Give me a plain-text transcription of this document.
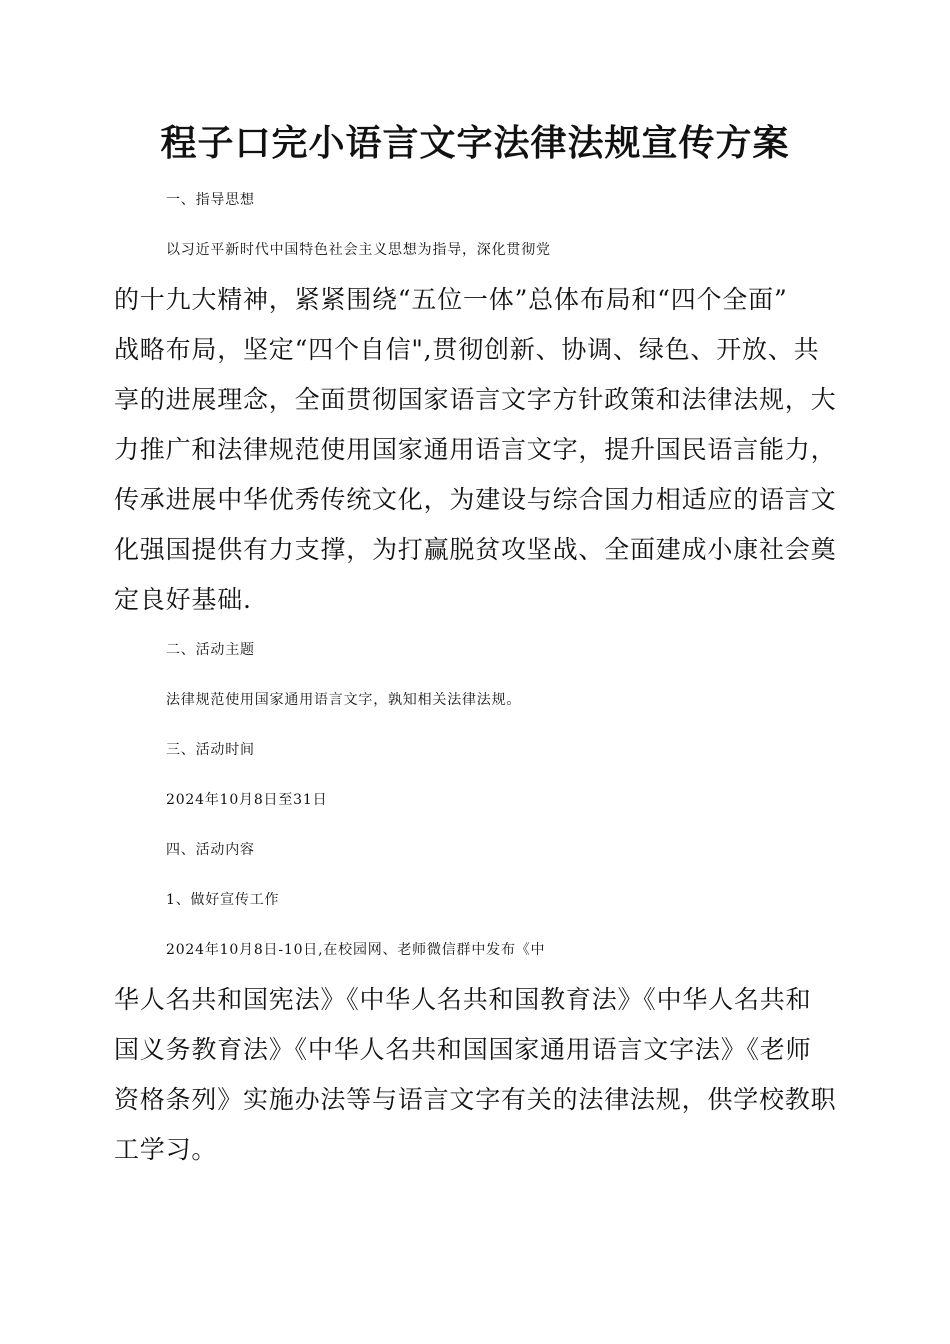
程子口完小语言文字法律法规宣传方案

一、指导思想

以习近平新时代中国特色社会主义思想为指导，深化贯彻党

的十九大精神，紧紧围绕“五位一体”总体布局和“四个全面”

战略布局，坚定“四个自信",贯彻创新、协调、绿色、开放、共

享的进展理念，全面贯彻国家语言文字方针政策和法律法规，大

力推广和法律规范使用国家通用语言文字，提升国民语言能力，

传承进展中华优秀传统文化，为建设与综合国力相适应的语言文

化强国提供有力支撑，为打赢脱贫攻坚战、全面建成小康社会奠

定良好基础.

二、活动主题

法律规范使用国家通用语言文字，孰知相关法律法规。

三、活动时间

2024年10月8日至31日

四、活动内容

1、做好宣传工作

2024年10月8日-10日,在校园网、老师微信群中发布《中

华人名共和国宪法》《中华人名共和国教育法》《中华人名共和

国义务教育法》《中华人名共和国国家通用语言文字法》《老师

资格条列》实施办法等与语言文字有关的法律法规，供学校教职

工学习。
